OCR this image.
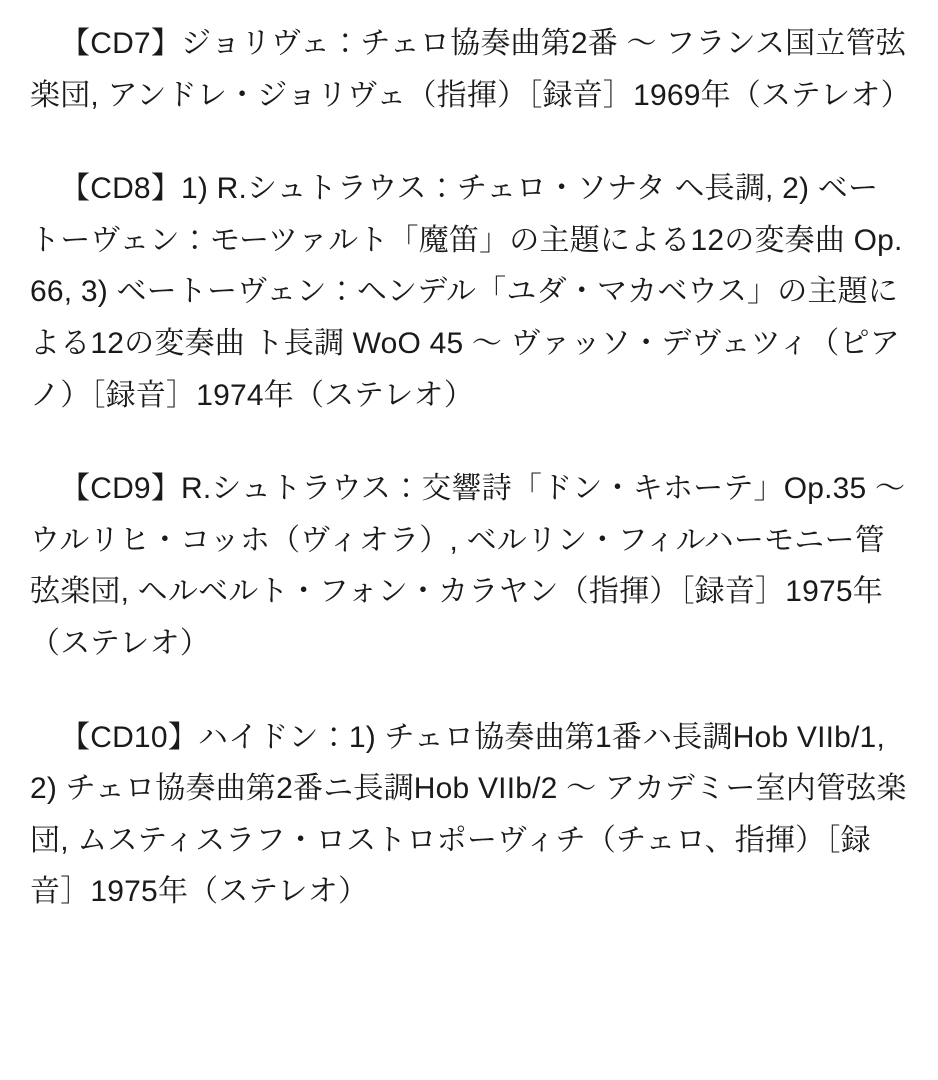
【CD7】ジョリヴェ：チェロ協奏曲第2番 〜 フランス国立管弦楽団, アンドレ・ジョリヴェ（指揮）［録音］1969年（ステレオ）

【CD8】1) R.シュトラウス：チェロ・ソナタ ヘ長調, 2) ベートーヴェン：モーツァルト「魔笛」の主題による12の変奏曲 Op. 66, 3) ベートーヴェン：ヘンデル「ユダ・マカベウス」の主題による12の変奏曲 ト長調 WoO 45 〜 ヴァッソ・デヴェツィ（ピアノ）［録音］1974年（ステレオ）

【CD9】R.シュトラウス：交響詩「ドン・キホーテ」Op.35 〜 ウルリヒ・コッホ（ヴィオラ）, ベルリン・フィルハーモニー管弦楽団, ヘルベルト・フォン・カラヤン（指揮）［録音］1975年（ステレオ）

【CD10】ハイドン：1) チェロ協奏曲第1番ハ長調Hob VIIb/1, 2) チェロ協奏曲第2番ニ長調Hob VIIb/2 〜 アカデミー室内管弦楽団, ムスティスラフ・ロストロポーヴィチ（チェロ、指揮）［録音］1975年（ステレオ）
